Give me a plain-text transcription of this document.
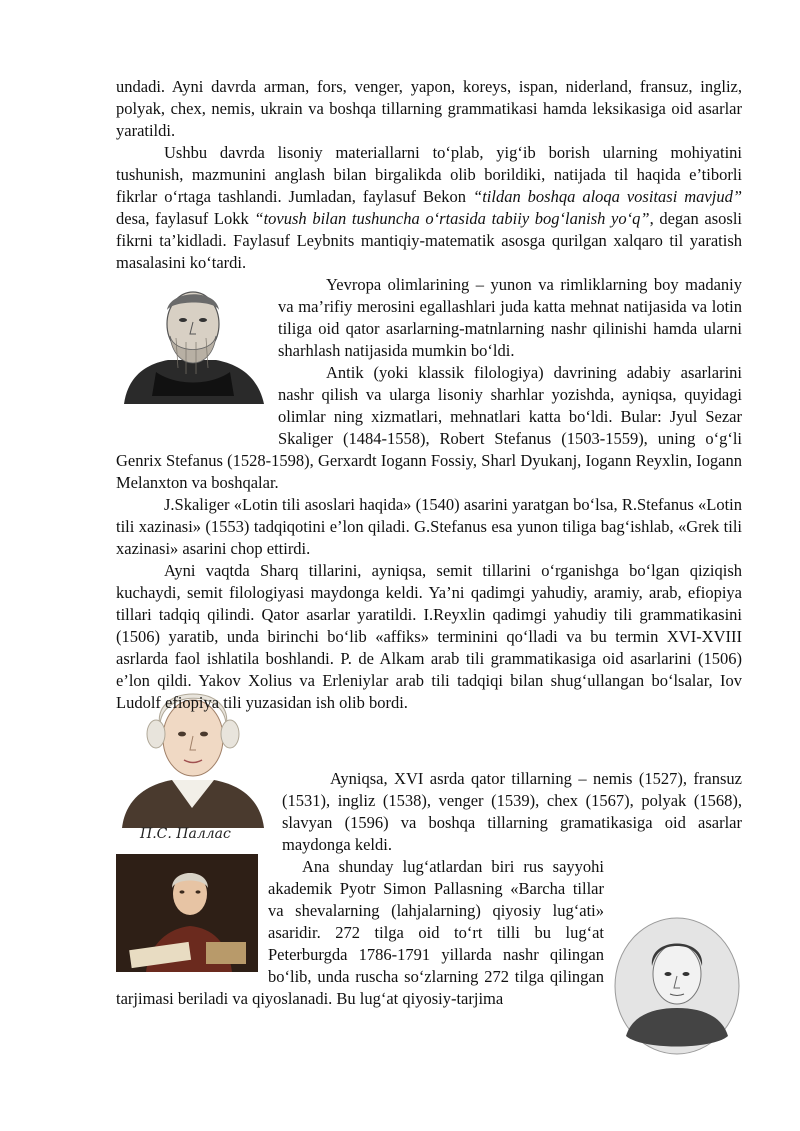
П.С. Паллас

undadi. Ayni davrda arman, fors, venger, yapon, koreys, ispan, niderland, fransuz, ingliz, polyak, chex, nemis, ukrain va boshqa tillarning grammatikasi hamda leksikasiga oid asarlar yaratildi.

Ushbu davrda lisoniy materiallarni to‘plab, yig‘ib borish ularning mohiyatini tushunish, mazmunini anglash bilan birgalikda olib borildiki, natijada til haqida e’tiborli fikrlar o‘rtaga tashlandi. Jumladan, faylasuf Bekon “tildan boshqa aloqa vositasi mavjud” desa, faylasuf Lokk “tovush bilan tushuncha o‘rtasida tabiiy bog‘lanish yo‘q”, degan asosli fikrni ta’kidladi. Faylasuf Leybnits mantiqiy-matematik asosga qurilgan xalqaro til yaratish masalasini ko‘tardi.

Yevropa olimlarining – yunon va rimliklarning boy madaniy va ma’rifiy merosini egallashlari juda katta mehnat natijasida va lotin tiliga oid qator asarlarning-matnlarning nashr qilinishi hamda ularni sharhlash natijasida mumkin bo‘ldi.

Antik (yoki klassik filologiya) davrining adabiy asarlarini nashr qilish va ularga lisoniy sharhlar yozishda, ayniqsa, quyidagi olimlar ning xizmatlari, mehnatlari katta bo‘ldi. Bular: Jyul Sezar Skaliger (1484-1558), Robert Stefanus (1503-1559), uning o‘g‘li Genrix Stefanus (1528-1598), Gerxardt Iogann Fossiy, Sharl Dyukanj, Iogann Reyxlin, Iogann Melanxton va boshqalar.

J.Skaliger «Lotin tili asoslari haqida» (1540) asarini yaratgan bo‘lsa, R.Stefanus «Lotin tili xazinasi» (1553) tadqiqotini e’lon qiladi. G.Stefanus esa yunon tiliga bag‘ishlab, «Grek tili xazinasi» asarini chop ettirdi.

Ayni vaqtda Sharq tillarini, ayniqsa, semit tillarini o‘rganishga bo‘lgan qiziqish kuchaydi, semit filologiyasi maydonga keldi. Ya’ni qadimgi yahudiy, aramiy, arab, efiopiya tillari tadqiq qilindi. Qator asarlar yaratildi. I.Reyxlin qadimgi yahudiy tili grammatikasini (1506) yaratib, unda birinchi bo‘lib «affiks» terminini qo‘lladi va bu termin XVI-XVIII asrlarda faol ishlatila boshlandi. P. de Alkam arab tili grammatikasiga oid asarlarini (1506) e’lon qildi. Yakov Xolius va Erleniylar arab tili tadqiqi bilan shug‘ullangan bo‘lsalar, Iov Ludolf efiopiya tili yuzasidan ish olib bordi.

Ayniqsa, XVI asrda qator tillarning – nemis (1527), fransuz (1531), ingliz (1538), venger (1539), chex (1567), polyak (1568), slavyan (1596) va boshqa tillarning gramatikasiga oid asarlar maydonga keldi.

Ana shunday lug‘atlardan biri rus sayyohi akademik Pyotr Simon Pallasning «Barcha tillar va shevalarning (lahjalarning) qiyosiy lug‘ati» asaridir. 272 tilga oid to‘rt tilli bu lug‘at Peterburgda 1786-1791 yillarda nashr qilingan bo‘lib, unda ruscha so‘zlarning 272 tilga qilingan tarjimasi beriladi va qiyoslanadi. Bu lug‘at qiyosiy-tarjima
